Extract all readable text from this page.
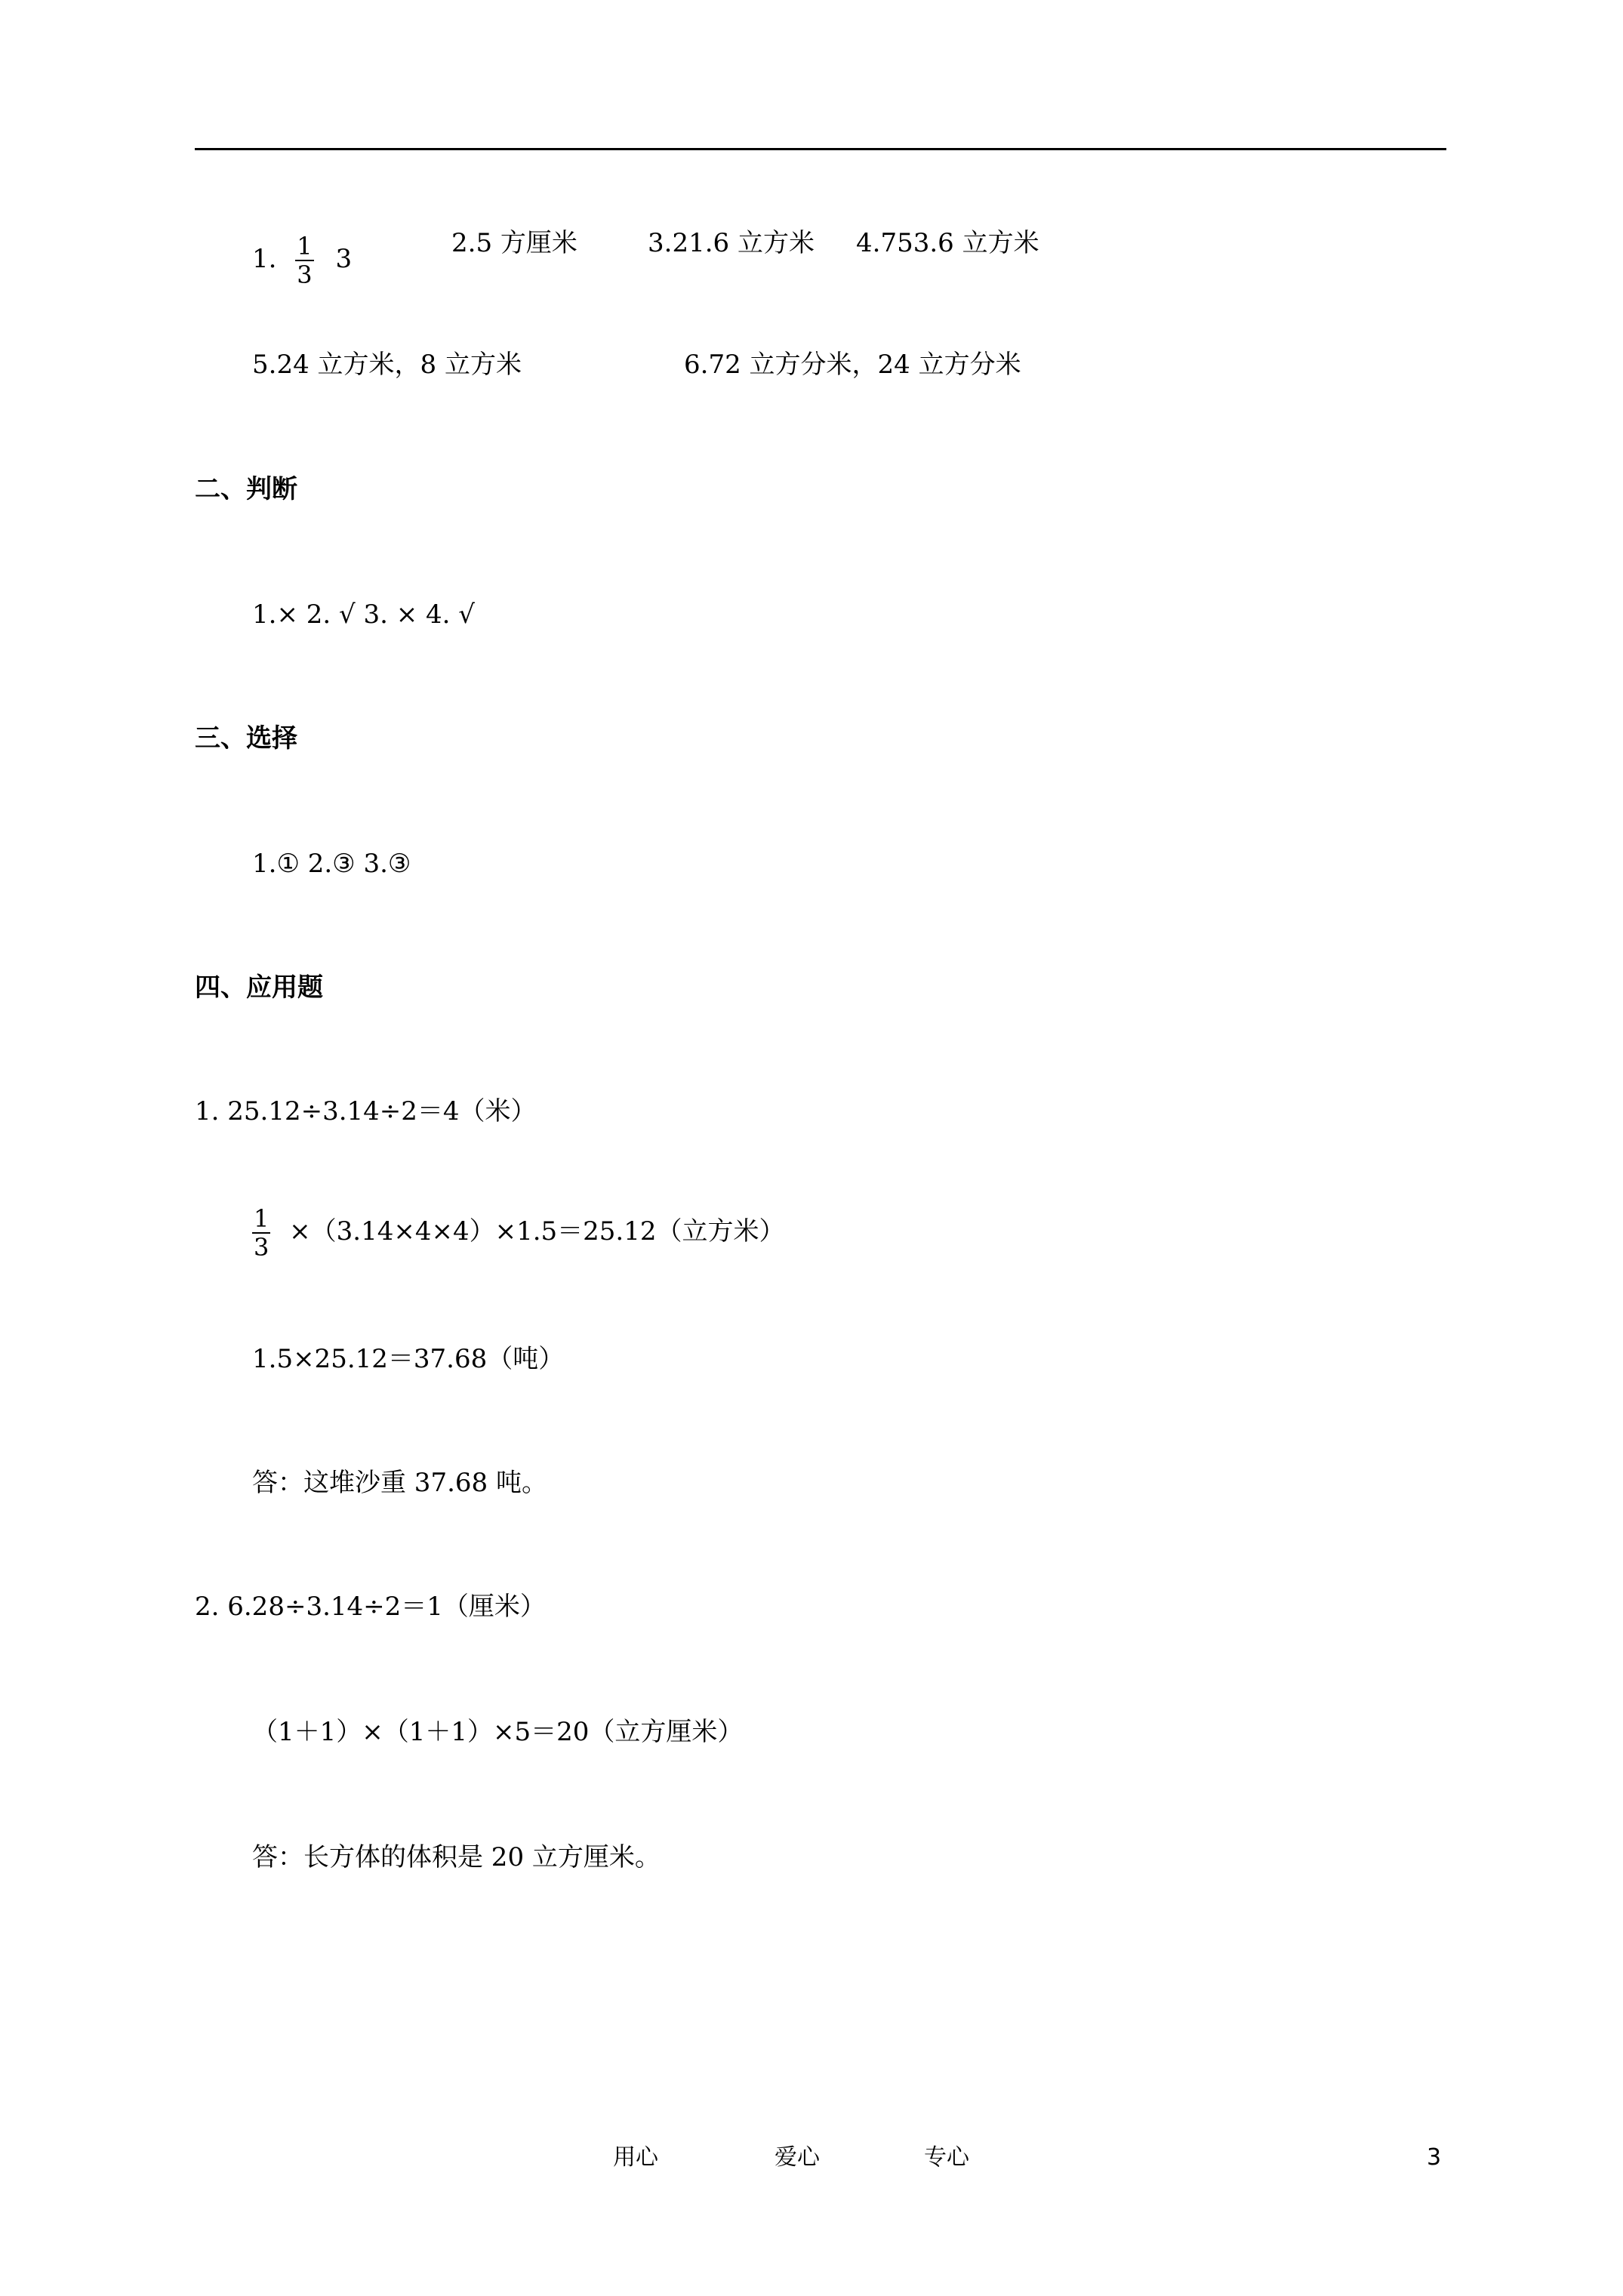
1. $\frac{1}{3} 3$
2.5 方厘米	3.21.6 立方米 4.753.6 立方米
5.24 立方米，8 立方米	6.72 立方分米，24 立方分米
二、判断
1.× 2. √ 3. × 4. √
三、选择
1.① 2.③ 3.③
四、应用题
1. 25.12÷3.14÷2＝4（米）
$\frac{1}{3} \times(3.14\times 4\times 4)\times 1.5=25.12$（立方米）
1.5×25.12＝37.68（吨）
答：这堆沙重 37.68 吨。
2. 6.28÷3.14÷2＝1（厘米）
（1＋1）×（1＋1）×5＝20（立方厘米）
答：长方体的体积是 20 立方厘米。
用心	爱心	专心	3
